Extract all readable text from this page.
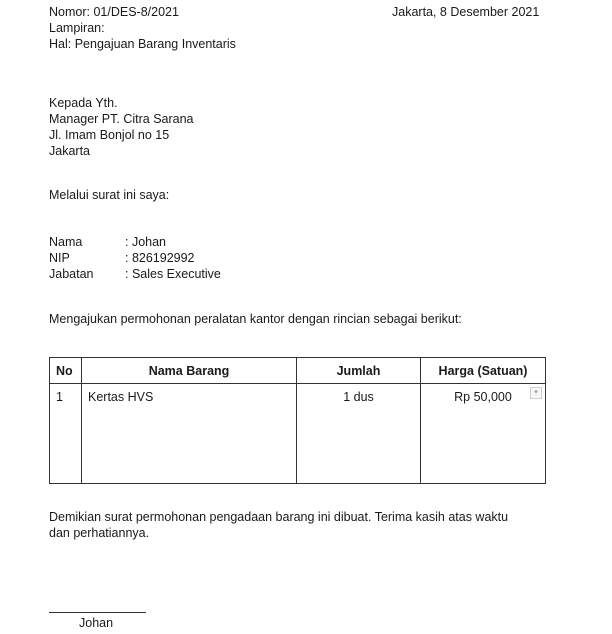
Nomor: 01/DES-8/2021
Lampiran:
Hal: Pengajuan Barang Inventaris
Jakarta, 8 Desember 2021
Kepada Yth.
Manager PT. Citra Sarana
Jl. Imam Bonjol no 15
Jakarta
Melalui surat ini saya:
Nama	: Johan
NIP	: 826192992
Jabatan	: Sales Executive
Mengajukan permohonan peralatan kantor dengan rincian sebagai berikut:
No	Nama Barang	Jumlah	Harga (Satuan)
1	Kertas HVS	1 dus	Rp 50,000 ▾
Demikian surat permohonan pengadaan barang ini dibuat. Terima kasih atas waktu dan perhatiannya.
Johan
